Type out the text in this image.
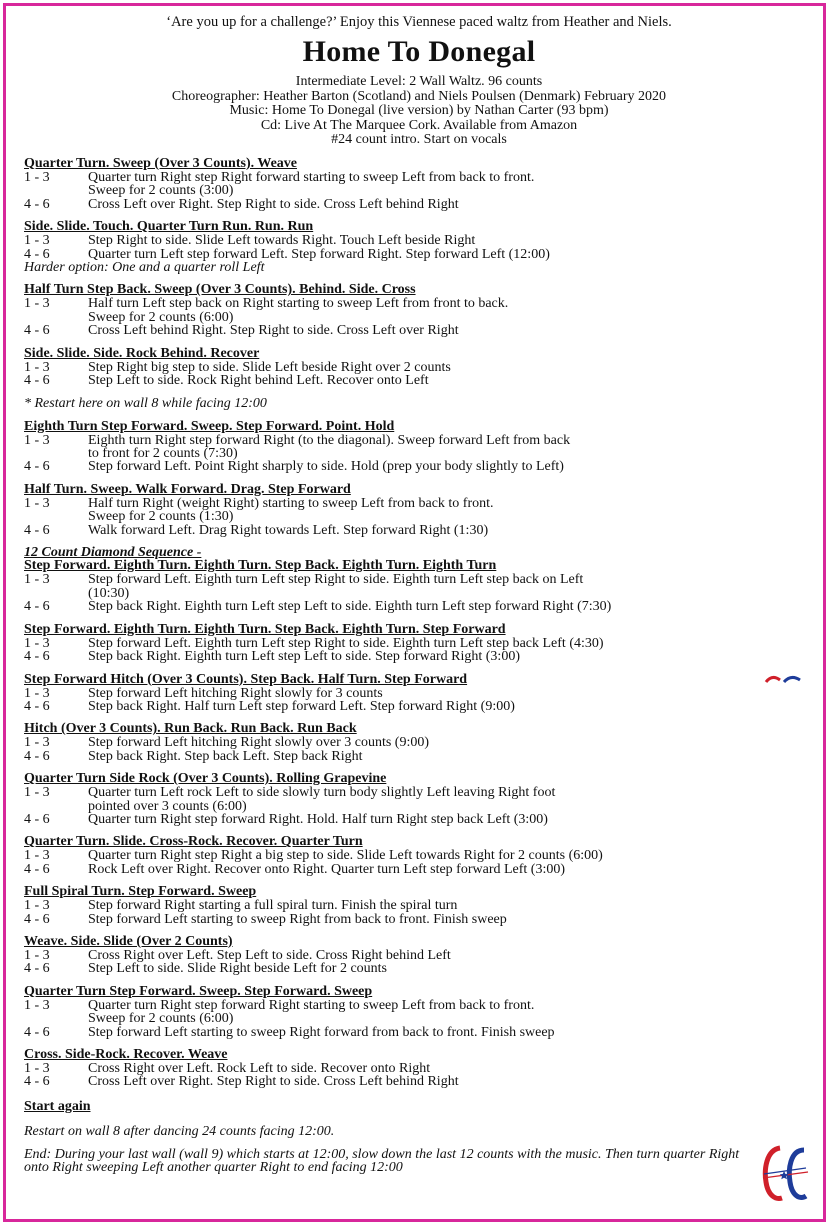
‘Are you up for a challenge?’ Enjoy this Viennese paced waltz from Heather and Niels.
Home To Donegal
Intermediate Level: 2 Wall Waltz. 96 counts
Choreographer: Heather Barton (Scotland) and Niels Poulsen (Denmark) February 2020
Music: Home To Donegal (live version) by Nathan Carter (93 bpm)
Cd: Live At The Marquee Cork. Available from Amazon
#24 count intro. Start on vocals
Quarter Turn. Sweep (Over 3 Counts). Weave
1 - 3	Quarter turn Right step Right forward starting to sweep Left from back to front.
Sweep for 2 counts (3:00)
4 - 6	Cross Left over Right. Step Right to side. Cross Left behind Right
Side. Slide. Touch. Quarter Turn Run. Run. Run
1 - 3	Step Right to side. Slide Left towards Right. Touch Left beside Right
4 - 6	Quarter turn Left step forward Left. Step forward Right. Step forward Left (12:00)
Harder option: One and a quarter roll Left
Half Turn Step Back. Sweep (Over 3 Counts). Behind. Side. Cross
1 - 3	Half turn Left step back on Right starting to sweep Left from front to back.
Sweep for 2 counts (6:00)
4 - 6	Cross Left behind Right. Step Right to side. Cross Left over Right
Side. Slide. Side. Rock Behind. Recover
1 - 3	Step Right big step to side. Slide Left beside Right over 2 counts
4 - 6	Step Left to side. Rock Right behind Left. Recover onto Left
* Restart here on wall 8 while facing 12:00
Eighth Turn Step Forward. Sweep. Step Forward. Point. Hold
1 - 3	Eighth turn Right step forward Right (to the diagonal). Sweep forward Left from back
to front for 2 counts (7:30)
4 - 6	Step forward Left. Point Right sharply to side. Hold (prep your body slightly to Left)
Half Turn. Sweep. Walk Forward. Drag. Step Forward
1 - 3	Half turn Right (weight Right) starting to sweep Left from back to front.
Sweep for 2 counts (1:30)
4 - 6	Walk forward Left. Drag Right towards Left. Step forward Right (1:30)
12 Count Diamond Sequence -
Step Forward. Eighth Turn. Eighth Turn. Step Back. Eighth Turn. Eighth Turn
1 - 3	Step forward Left. Eighth turn Left step Right to side. Eighth turn Left step back on Left
(10:30)
4 - 6	Step back Right. Eighth turn Left step Left to side. Eighth turn Left step forward Right (7:30)
Step Forward. Eighth Turn. Eighth Turn. Step Back. Eighth Turn. Step Forward
1 - 3	Step forward Left. Eighth turn Left step Right to side. Eighth turn Left step back Left (4:30)
4 - 6	Step back Right. Eighth turn Left step Left to side. Step forward Right (3:00)
Step Forward Hitch (Over 3 Counts). Step Back. Half Turn. Step Forward
1 - 3	Step forward Left hitching Right slowly for 3 counts
4 - 6	Step back Right. Half turn Left step forward Left. Step forward Right (9:00)
Hitch (Over 3 Counts). Run Back. Run Back. Run Back
1 - 3	Step forward Left hitching Right slowly over 3 counts (9:00)
4 - 6	Step back Right. Step back Left. Step back Right
Quarter Turn Side Rock (Over 3 Counts). Rolling Grapevine
1 - 3	Quarter turn Left rock Left to side slowly turn body slightly Left leaving Right foot
pointed over 3 counts (6:00)
4 - 6	Quarter turn Right step forward Right. Hold. Half turn Right step back Left (3:00)
Quarter Turn. Slide. Cross-Rock. Recover. Quarter Turn
1 - 3	Quarter turn Right step Right a big step to side. Slide Left towards Right for 2 counts (6:00)
4 - 6	Rock Left over Right. Recover onto Right. Quarter turn Left step forward Left (3:00)
Full Spiral Turn. Step Forward. Sweep
1 - 3	Step forward Right starting a full spiral turn. Finish the spiral turn
4 - 6	Step forward Left starting to sweep Right from back to front. Finish sweep
Weave. Side. Slide (Over 2 Counts)
1 - 3	Cross Right over Left. Step Left to side. Cross Right behind Left
4 - 6	Step Left to side. Slide Right beside Left for 2 counts
Quarter Turn Step Forward. Sweep. Step Forward. Sweep
1 - 3	Quarter turn Right step forward Right starting to sweep Left from back to front.
Sweep for 2 counts (6:00)
4 - 6	Step forward Left starting to sweep Right forward from back to front. Finish sweep
Cross. Side-Rock. Recover. Weave
1 - 3	Cross Right over Left. Rock Left to side. Recover onto Right
4 - 6	Cross Left over Right. Step Right to side. Cross Left behind Right
Start again
Restart on wall 8 after dancing 24 counts facing 12:00.
End: During your last wall (wall 9) which starts at 12:00, slow down the last 12 counts with the music. Then turn quarter Right onto Right sweeping Left another quarter Right to end facing 12:00
